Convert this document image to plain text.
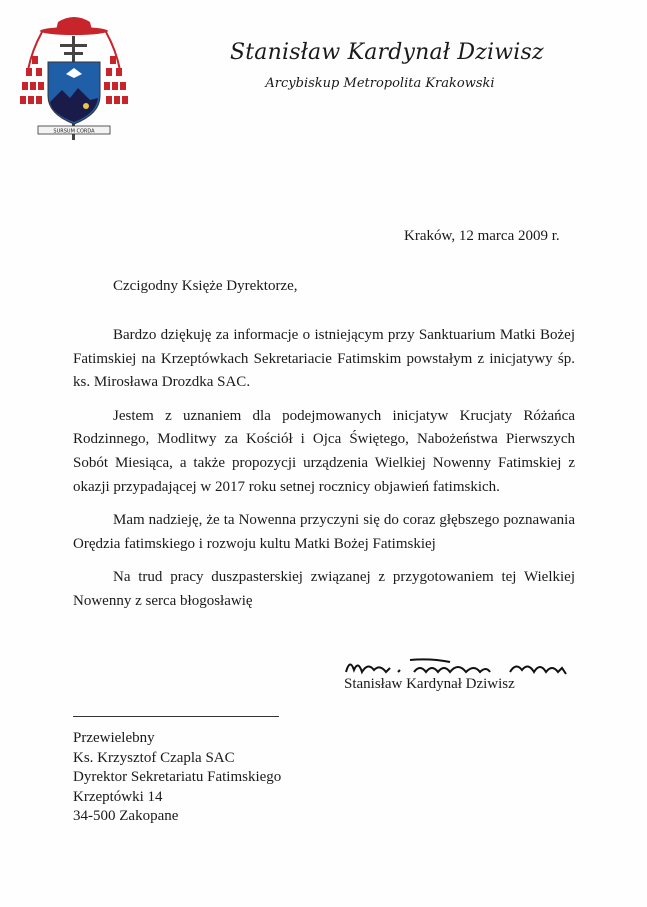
SURSUM CORDA
Stanisław Kardynał Dziwisz
Arcybiskup Metropolita Krakowski
Kraków, 12 marca 2009 r.
Czcigodny Księże Dyrektorze,

Bardzo dziękuję za informacje o istniejącym przy Sanktuarium Matki Bożej Fatimskiej na Krzeptówkach Sekretariacie Fatimskim powstałym z inicjatywy śp. ks. Mirosława Drozdka SAC.

Jestem z uznaniem dla podejmowanych inicjatyw Krucjaty Różańca Rodzinnego, Modlitwy za Kościół i Ojca Świętego, Nabożeństwa Pierwszych Sobót Miesiąca, a także propozycji urządzenia Wielkiej Nowenny Fatimskiej z okazji przypadającej w 2017 roku setnej rocznicy objawień fatimskich.

Mam nadzieję, że ta Nowenna przyczyni się do coraz głębszego poznawania Orędzia fatimskiego i rozwoju kultu Matki Bożej Fatimskiej

Na trud pracy duszpasterskiej związanej z przygotowaniem tej Wielkiej Nowenny z serca błogosławię

Stanisław Kardynał Dziwisz
Przewielebny
Ks. Krzysztof Czapla SAC
Dyrektor Sekretariatu Fatimskiego
Krzeptówki 14
34-500 Zakopane
